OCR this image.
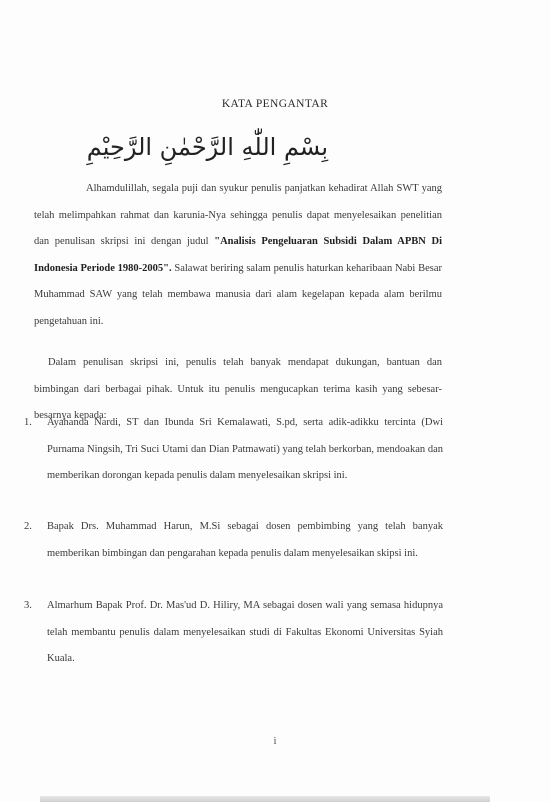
KATA PENGANTAR
بِسْمِ اللّٰهِ الرَّحْمٰنِ الرَّحِيْمِ
Alhamdulillah, segala puji dan syukur penulis panjatkan kehadirat Allah SWT yang telah melimpahkan rahmat dan karunia-Nya sehingga penulis dapat menyelesaikan penelitian dan penulisan skripsi ini dengan judul "Analisis Pengeluaran Subsidi Dalam APBN Di Indonesia Periode 1980-2005". Salawat beriring salam penulis haturkan keharibaan Nabi Besar Muhammad SAW yang telah membawa manusia dari alam kegelapan kepada alam berilmu pengetahuan ini.
Dalam penulisan skripsi ini, penulis telah banyak mendapat dukungan, bantuan dan bimbingan dari berbagai pihak. Untuk itu penulis mengucapkan terima kasih yang sebesar-besarnya kepada:
1.	Ayahanda Nardi, ST dan Ibunda Sri Kemalawati, S.pd, serta adik-adikku tercinta (Dwi Purnama Ningsih, Tri Suci Utami dan Dian Patmawati) yang telah berkorban, mendoakan dan memberikan dorongan kepada penulis dalam menyelesaikan skripsi ini.
2.	Bapak Drs. Muhammad Harun, M.Si sebagai dosen pembimbing yang telah banyak memberikan bimbingan dan pengarahan kepada penulis dalam menyelesaikan skipsi ini.
3.	Almarhum Bapak Prof. Dr. Mas'ud D. Hiliry, MA sebagai dosen wali yang semasa hidupnya telah membantu penulis dalam menyelesaikan studi di Fakultas Ekonomi Universitas Syiah Kuala.
i
